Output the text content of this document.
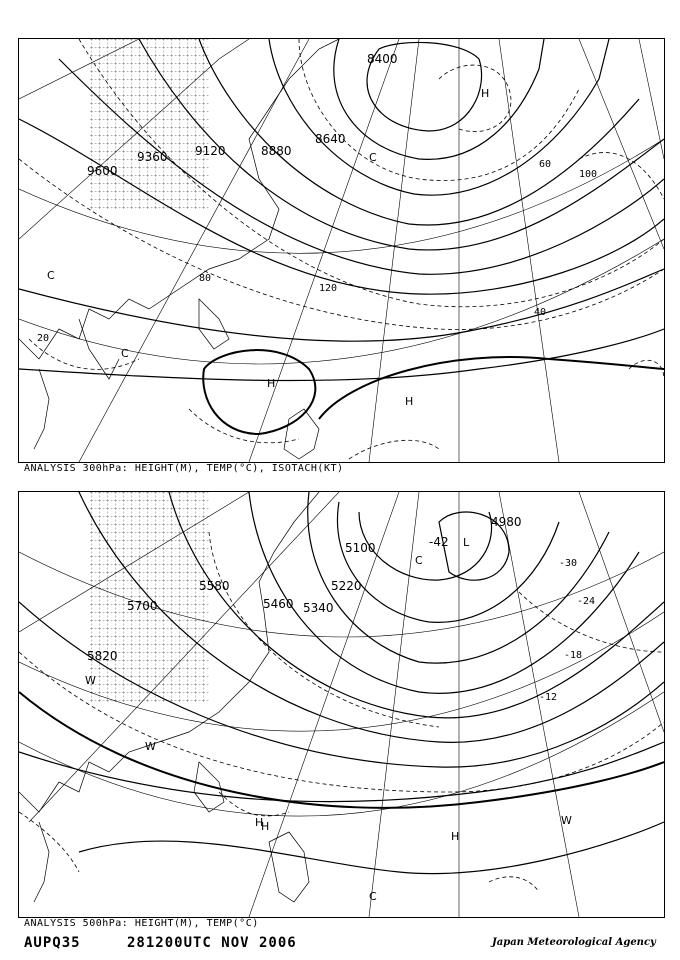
9600
9360 9120	8880
8640
8400
20
40
60
80
100
120
C
C
C
H
H
H
ANALYSIS 300hPa: HEIGHT(M), TEMP(°C), ISOTACH(KT)
5820
5700
5580
5460 5340
5220
5100
4980
-42
-30
-24
-18
-12
L
W
W
H
H
W
H
C
C
ANALYSIS 500hPa: HEIGHT(M), TEMP(°C)
AUPQ35	281200UTC NOV 2006	Japan Meteorological Agency
